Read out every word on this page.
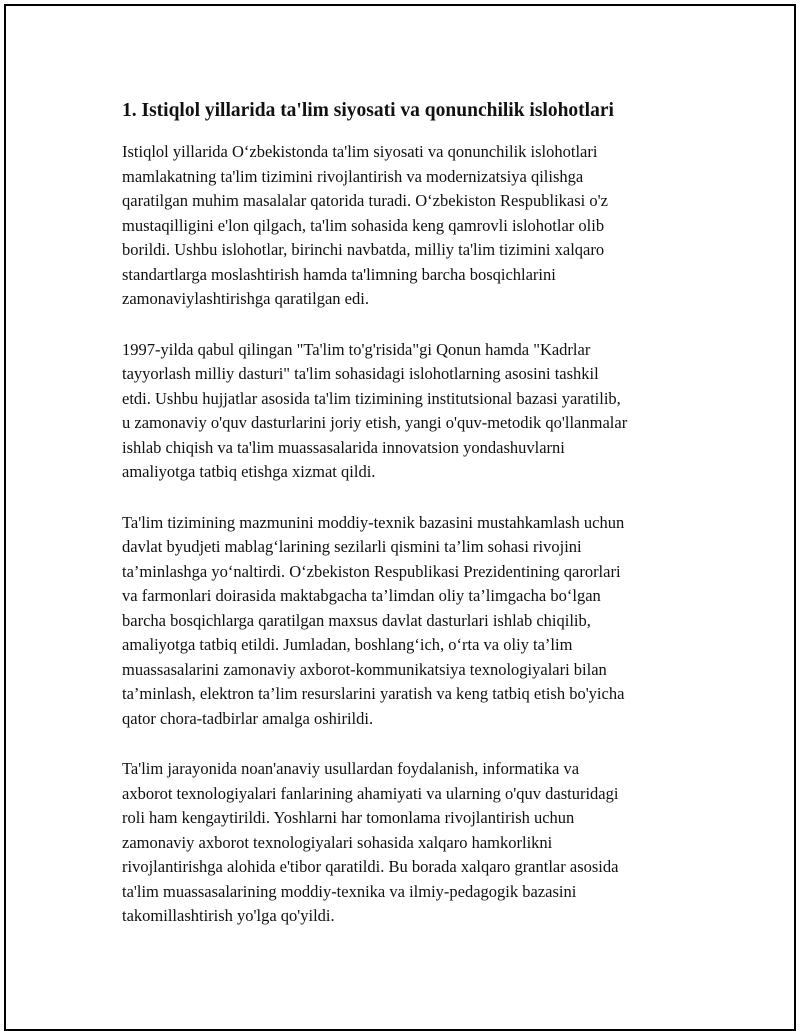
1. Istiqlol yillarida ta'lim siyosati va qonunchilik islohotlari

Istiqlol yillarida O‘zbekistonda ta'lim siyosati va qonunchilik islohotlari
mamlakatning ta'lim tizimini rivojlantirish va modernizatsiya qilishga
qaratilgan muhim masalalar qatorida turadi. O‘zbekiston Respublikasi o'z
mustaqilligini e'lon qilgach, ta'lim sohasida keng qamrovli islohotlar olib
borildi. Ushbu islohotlar, birinchi navbatda, milliy ta'lim tizimini xalqaro
standartlarga moslashtirish hamda ta'limning barcha bosqichlarini
zamonaviylashtirishga qaratilgan edi.

1997-yilda qabul qilingan "Ta'lim to'g'risida"gi Qonun hamda "Kadrlar
tayyorlash milliy dasturi" ta'lim sohasidagi islohotlarning asosini tashkil
etdi. Ushbu hujjatlar asosida ta'lim tizimining institutsional bazasi yaratilib,
u zamonaviy o'quv dasturlarini joriy etish, yangi o'quv-metodik qo'llanmalar
ishlab chiqish va ta'lim muassasalarida innovatsion yondashuvlarni
amaliyotga tatbiq etishga xizmat qildi.

Ta'lim tizimining mazmunini moddiy-texnik bazasini mustahkamlash uchun
davlat byudjeti mablag‘larining sezilarli qismini ta’lim sohasi rivojini
ta’minlashga yo‘naltirdi. O‘zbekiston Respublikasi Prezidentining qarorlari
va farmonlari doirasida maktabgacha ta’limdan oliy ta’limgacha bo‘lgan
barcha bosqichlarga qaratilgan maxsus davlat dasturlari ishlab chiqilib,
amaliyotga tatbiq etildi. Jumladan, boshlang‘ich, o‘rta va oliy ta’lim
muassasalarini zamonaviy axborot-kommunikatsiya texnologiyalari bilan
ta’minlash, elektron ta’lim resurslarini yaratish va keng tatbiq etish bo'yicha
qator chora-tadbirlar amalga oshirildi.

Ta'lim jarayonida noan'anaviy usullardan foydalanish, informatika va
axborot texnologiyalari fanlarining ahamiyati va ularning o'quv dasturidagi
roli ham kengaytirildi. Yoshlarni har tomonlama rivojlantirish uchun
zamonaviy axborot texnologiyalari sohasida xalqaro hamkorlikni
rivojlantirishga alohida e'tibor qaratildi. Bu borada xalqaro grantlar asosida
ta'lim muassasalarining moddiy-texnika va ilmiy-pedagogik bazasini
takomillashtirish yo'lga qo'yildi.
